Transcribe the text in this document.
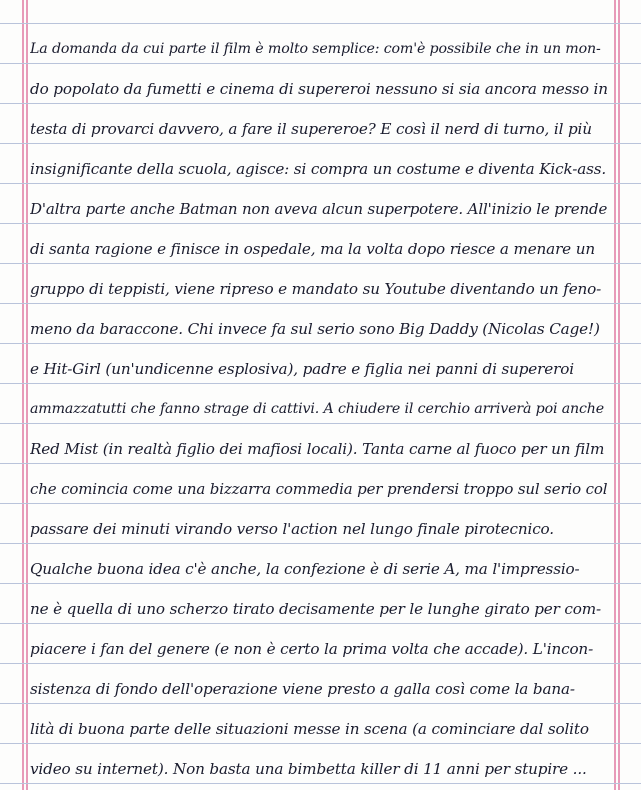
La domanda da cui parte il film è molto semplice: com'è possibile che in un mon-
do popolato da fumetti e cinema di supereroi nessuno si sia ancora messo in
testa di provarci davvero, a fare il supereroe? E così il nerd di turno, il più
insignificante della scuola, agisce: si compra un costume e diventa Kick-ass.
D'altra parte anche Batman non aveva alcun superpotere. All'inizio le prende
di santa ragione e finisce in ospedale, ma la volta dopo riesce a menare un
gruppo di teppisti, viene ripreso e mandato su Youtube diventando un feno-
meno da baraccone. Chi invece fa sul serio sono Big Daddy (Nicolas Cage!)
e Hit-Girl (un'undicenne esplosiva), padre e figlia nei panni di supereroi
ammazzatutti che fanno strage di cattivi. A chiudere il cerchio arriverà poi anche
Red Mist (in realtà figlio dei mafiosi locali). Tanta carne al fuoco per un film
che comincia come una bizzarra commedia per prendersi troppo sul serio col
passare dei minuti virando verso l'action nel lungo finale pirotecnico.
Qualche buona idea c'è anche, la confezione è di serie A, ma l'impressio-
ne è quella di uno scherzo tirato decisamente per le lunghe girato per com-
piacere i fan del genere (e non è certo la prima volta che accade). L'incon-
sistenza di fondo dell'operazione viene presto a galla così come la bana-
lità di buona parte delle situazioni messe in scena (a cominciare dal solito
video su internet). Non basta una bimbetta killer di 11 anni per stupire ...
